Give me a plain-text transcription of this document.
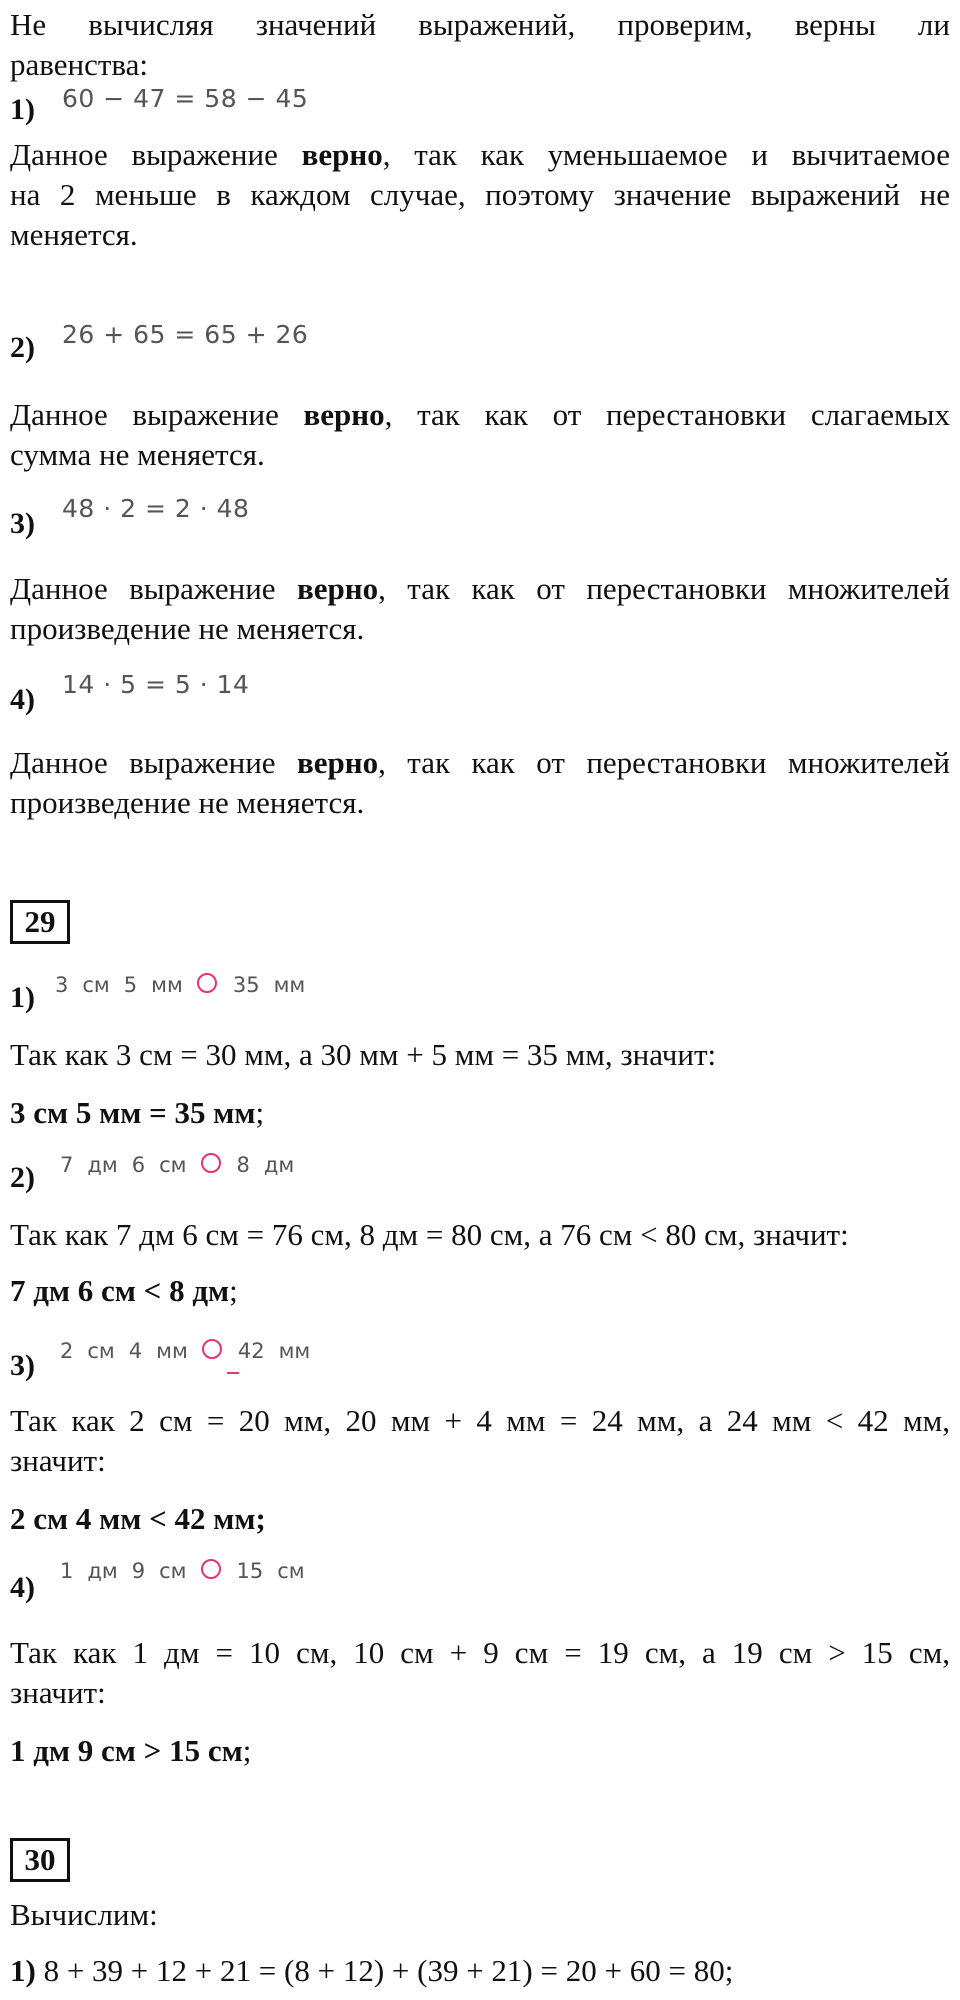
Не вычисляя значений выражений, проверим, верны ли
равенства:
1) 60 − 47 = 58 − 45
Данное выражение верно, так как уменьшаемое и вычитаемое
на 2 меньше в каждом случае, поэтому значение выражений не
меняется.
2) 26 + 65 = 65 + 26
Данное выражение верно, так как от перестановки слагаемых
сумма не меняется.
3) 48 · 2 = 2 · 48
Данное выражение верно, так как от перестановки множителей
произведение не меняется.
4) 14 · 5 = 5 · 14
Данное выражение верно, так как от перестановки множителей
произведение не меняется.
29
1) 3 см 5 мм 35 мм
Так как 3 см = 30 мм, а 30 мм + 5 мм = 35 мм, значит:
3 см 5 мм = 35 мм;
2) 7 дм 6 см 8 дм
Так как 7 дм 6 см = 76 см, 8 дм = 80 см, а 76 см < 80 см, значит:
7 дм 6 см < 8 дм;
3) 2 см 4 мм 42 мм
Так как 2 см = 20 мм, 20 мм + 4 мм = 24 мм, а 24 мм < 42 мм,
значит:
2 см 4 мм < 42 мм;
4) 1 дм 9 см 15 см
Так как 1 дм = 10 см, 10 см + 9 см = 19 см, а 19 см > 15 см,
значит:
1 дм 9 см > 15 см;
30
Вычислим:
1) 8 + 39 + 12 + 21 = (8 + 12) + (39 + 21) = 20 + 60 = 80;
